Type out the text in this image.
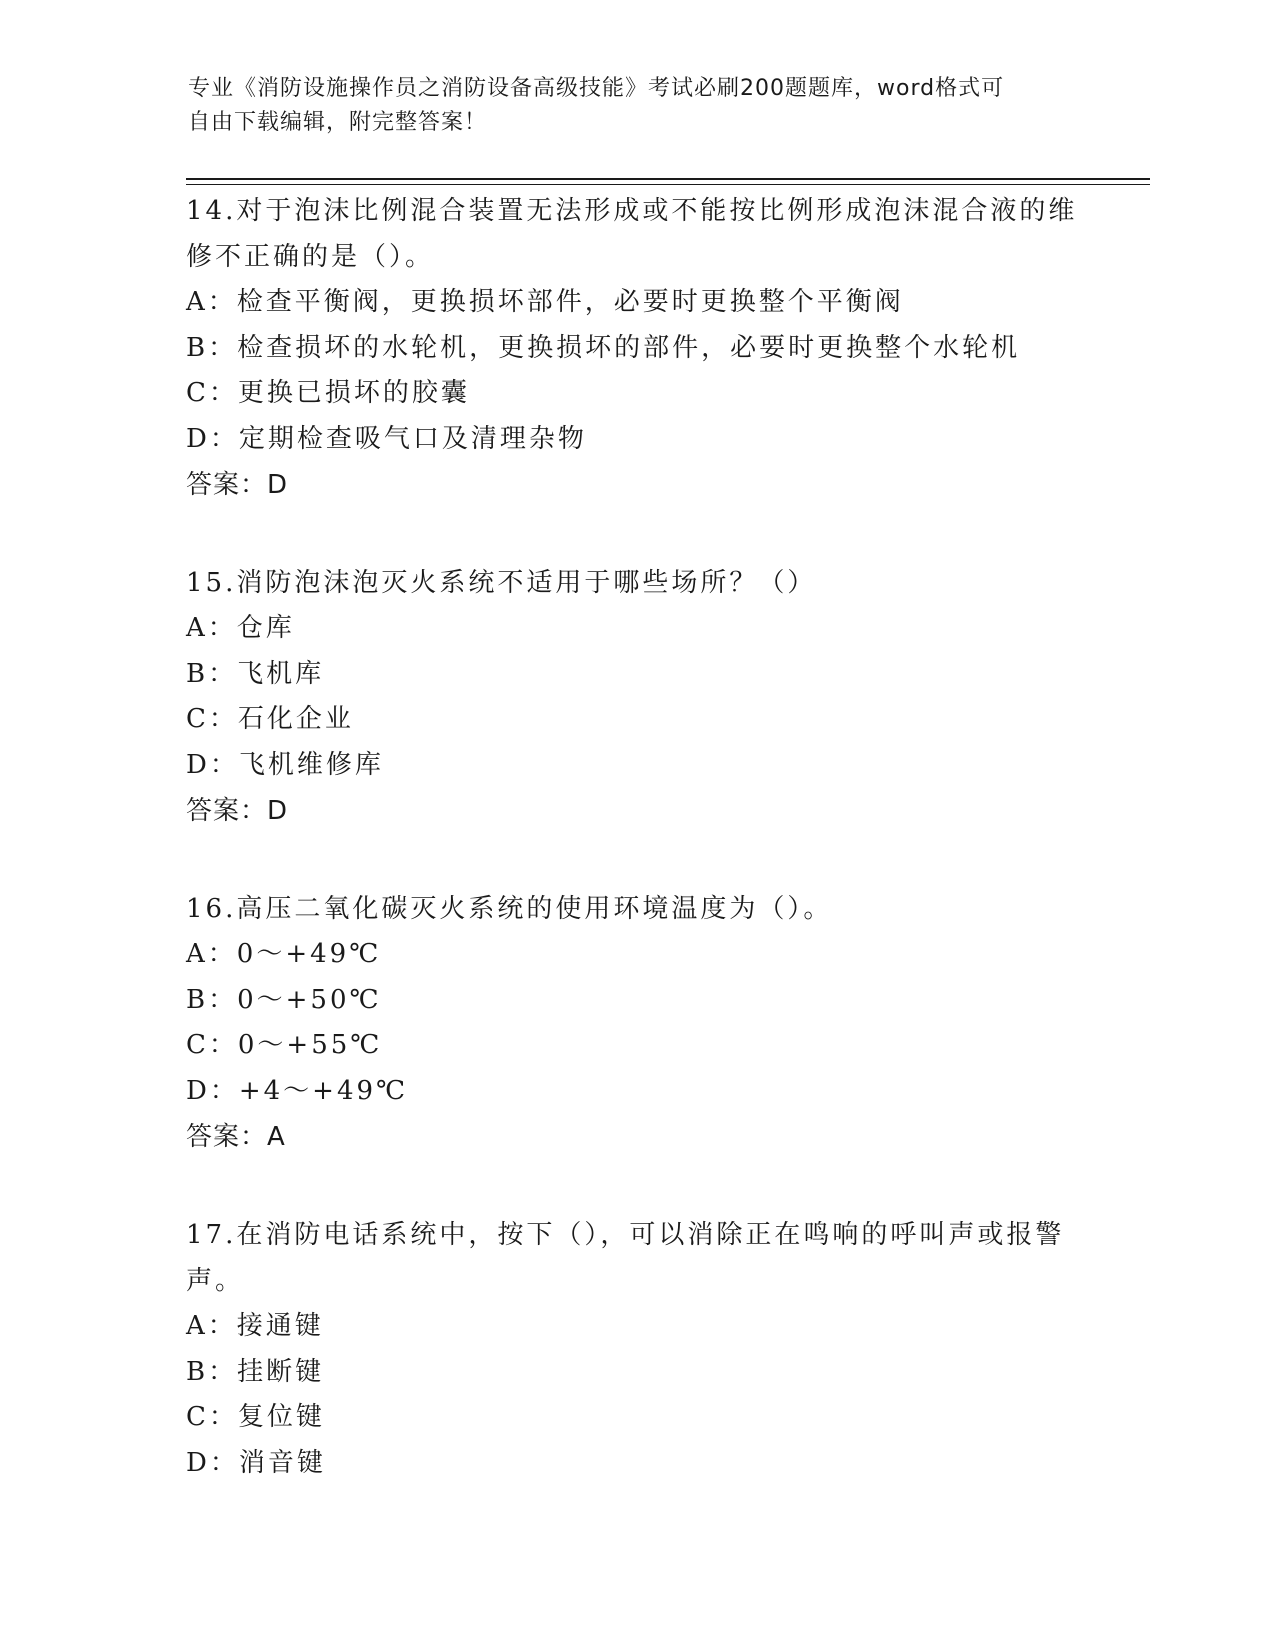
专业《消防设施操作员之消防设备高级技能》考试必刷200题题库，word格式可
自由下载编辑，附完整答案！

14.对于泡沫比例混合装置无法形成或不能按比例形成泡沫混合液的维
修不正确的是（）。

A：检查平衡阀，更换损坏部件，必要时更换整个平衡阀

B：检查损坏的水轮机，更换损坏的部件，必要时更换整个水轮机

C：更换已损坏的胶囊

D：定期检查吸气口及清理杂物

答案：D

15.消防泡沫泡灭火系统不适用于哪些场所？（）

A：仓库

B：飞机库

C：石化企业

D：飞机维修库

答案：D

16.高压二氧化碳灭火系统的使用环境温度为（）。

A：0～+49℃

B：0～+50℃

C：0～+55℃

D：+4～+49℃

答案：A

17.在消防电话系统中，按下（），可以消除正在鸣响的呼叫声或报警
声。

A：接通键

B：挂断键

C：复位键

D：消音键
